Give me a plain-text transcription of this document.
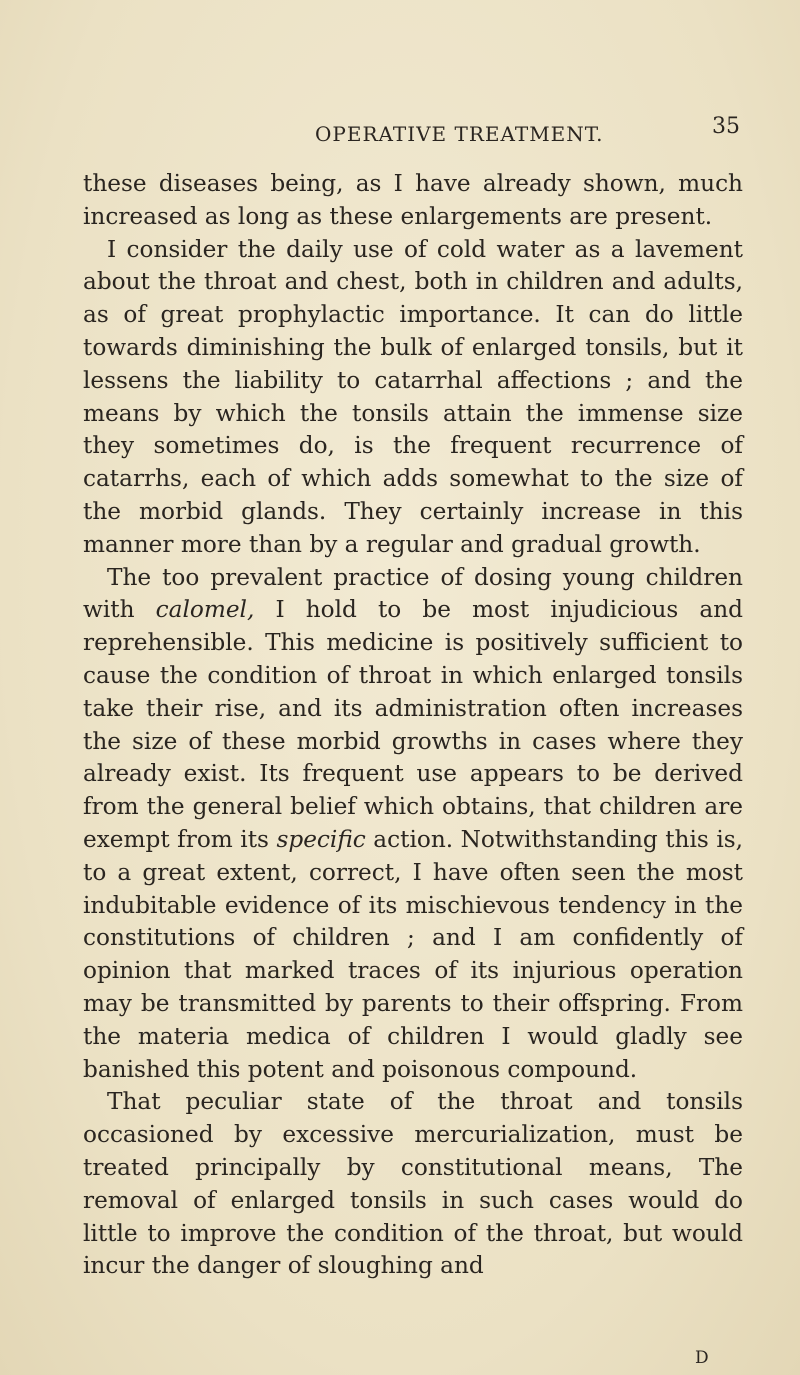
OPERATIVE TREATMENT.	35

these diseases being, as I have already shown, much increased as long as these enlargements are present.

I consider the daily use of cold water as a lavement about the throat and chest, both in children and adults, as of great prophylactic importance. It can do little towards diminishing the bulk of enlarged tonsils, but it lessens the liability to catarrhal affections ; and the means by which the tonsils attain the immense size they sometimes do, is the frequent recurrence of catarrhs, each of which adds somewhat to the size of the morbid glands. They certainly increase in this manner more than by a regular and gradual growth.

The too prevalent practice of dosing young children with calomel, I hold to be most injudicious and reprehensible. This medicine is positively sufficient to cause the condition of throat in which enlarged tonsils take their rise, and its administration often increases the size of these morbid growths in cases where they already exist. Its frequent use appears to be derived from the general belief which obtains, that children are exempt from its specific action. Notwithstanding this is, to a great extent, correct, I have often seen the most indubitable evidence of its mischievous tendency in the constitutions of children ; and I am confidently of opinion that marked traces of its injurious operation may be transmitted by parents to their offspring. From the materia medica of children I would gladly see banished this potent and poisonous compound.

That peculiar state of the throat and tonsils occasioned by excessive mercurialization, must be treated principally by constitutional means, The removal of enlarged tonsils in such cases would do little to improve the condition of the throat, but would incur the danger of sloughing and

D
